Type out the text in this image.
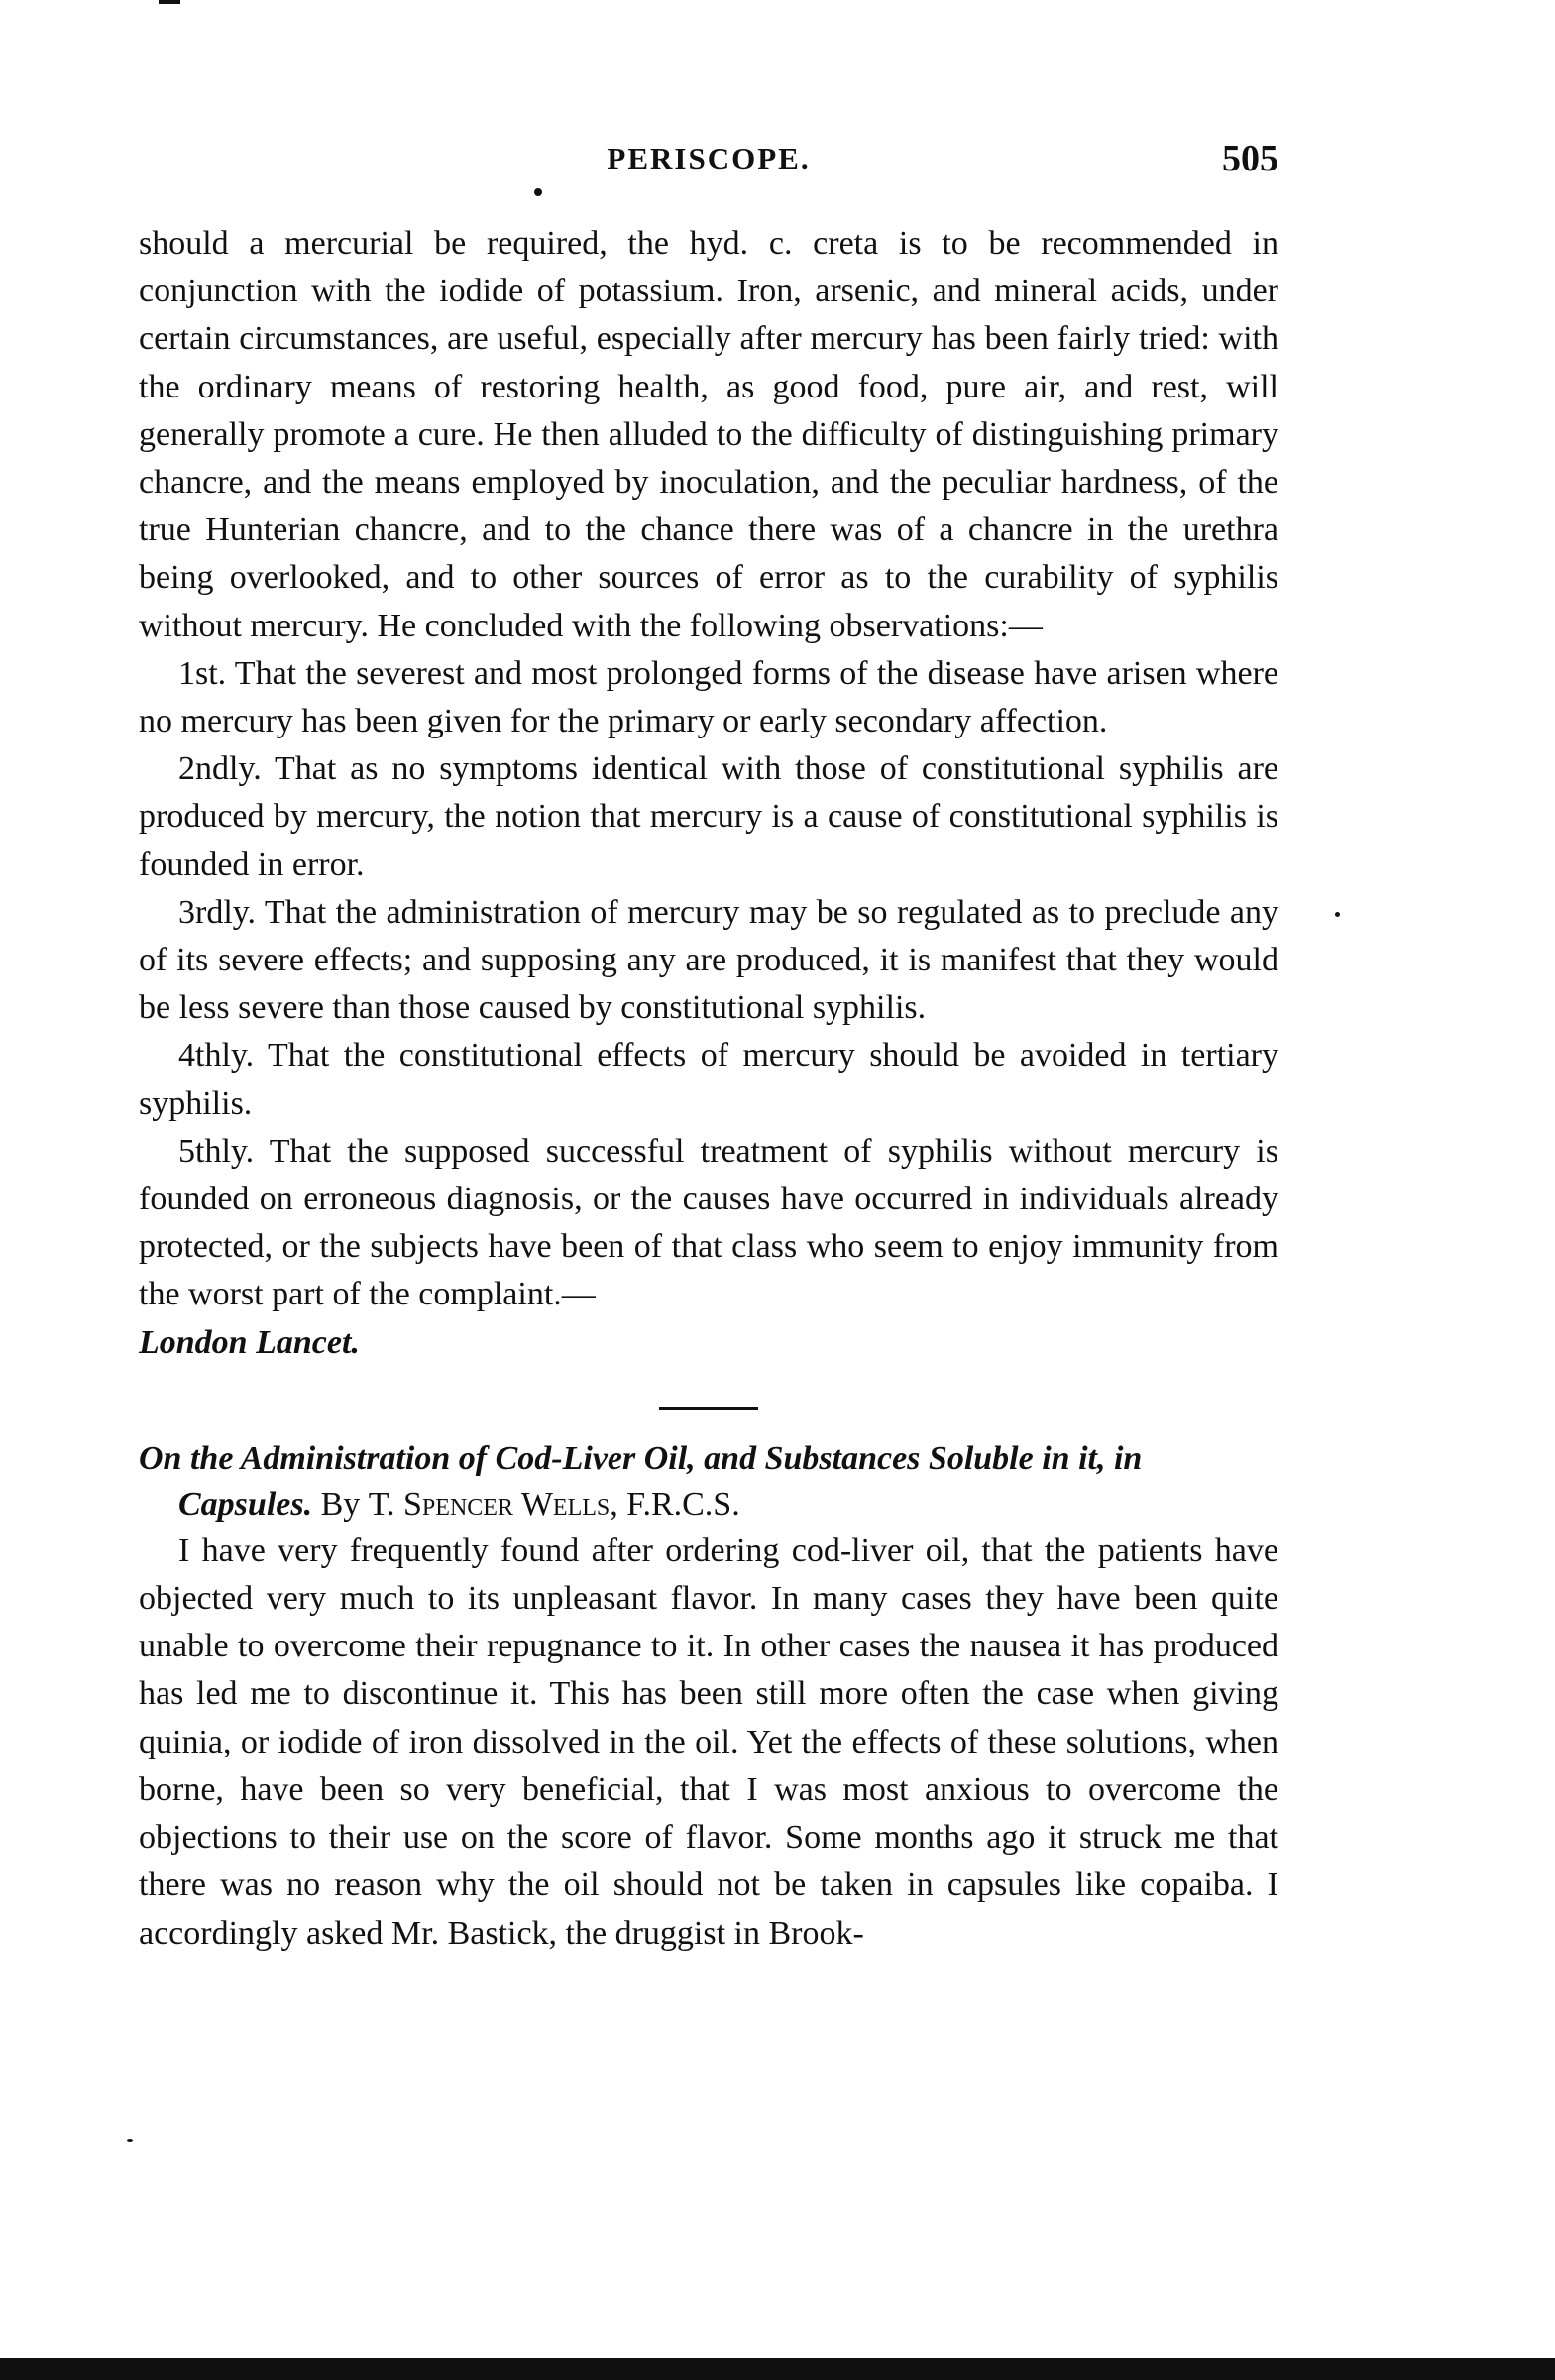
PERISCOPE.	505

should a mercurial be required, the hyd. c. creta is to be recommended in conjunction with the iodide of potassium. Iron, arsenic, and mineral acids, under certain circumstances, are useful, especially after mercury has been fairly tried: with the ordinary means of restoring health, as good food, pure air, and rest, will generally promote a cure. He then alluded to the difficulty of distinguishing primary chancre, and the means employed by inoculation, and the peculiar hardness, of the true Hunterian chancre, and to the chance there was of a chancre in the urethra being overlooked, and to other sources of error as to the curability of syphilis without mercury. He concluded with the following observations:—

1st. That the severest and most prolonged forms of the disease have arisen where no mercury has been given for the primary or early secondary affection.

2ndly. That as no symptoms identical with those of constitutional syphilis are produced by mercury, the notion that mercury is a cause of constitutional syphilis is founded in error.

3rdly. That the administration of mercury may be so regulated as to preclude any of its severe effects; and supposing any are produced, it is manifest that they would be less severe than those caused by constitutional syphilis.

4thly. That the constitutional effects of mercury should be avoided in tertiary syphilis.

5thly. That the supposed successful treatment of syphilis without mercury is founded on erroneous diagnosis, or the causes have occurred in individuals already protected, or the subjects have been of that class who seem to enjoy immunity from the worst part of the complaint.—

London Lancet.

On the Administration of Cod-Liver Oil, and Substances Soluble in it, in Capsules. By T. Spencer Wells, F.R.C.S.

I have very frequently found after ordering cod-liver oil, that the patients have objected very much to its unpleasant flavor. In many cases they have been quite unable to overcome their repugnance to it. In other cases the nausea it has produced has led me to discontinue it. This has been still more often the case when giving quinia, or iodide of iron dissolved in the oil. Yet the effects of these solutions, when borne, have been so very beneficial, that I was most anxious to overcome the objections to their use on the score of flavor. Some months ago it struck me that there was no reason why the oil should not be taken in capsules like copaiba. I accordingly asked Mr. Bastick, the druggist in Brook-
